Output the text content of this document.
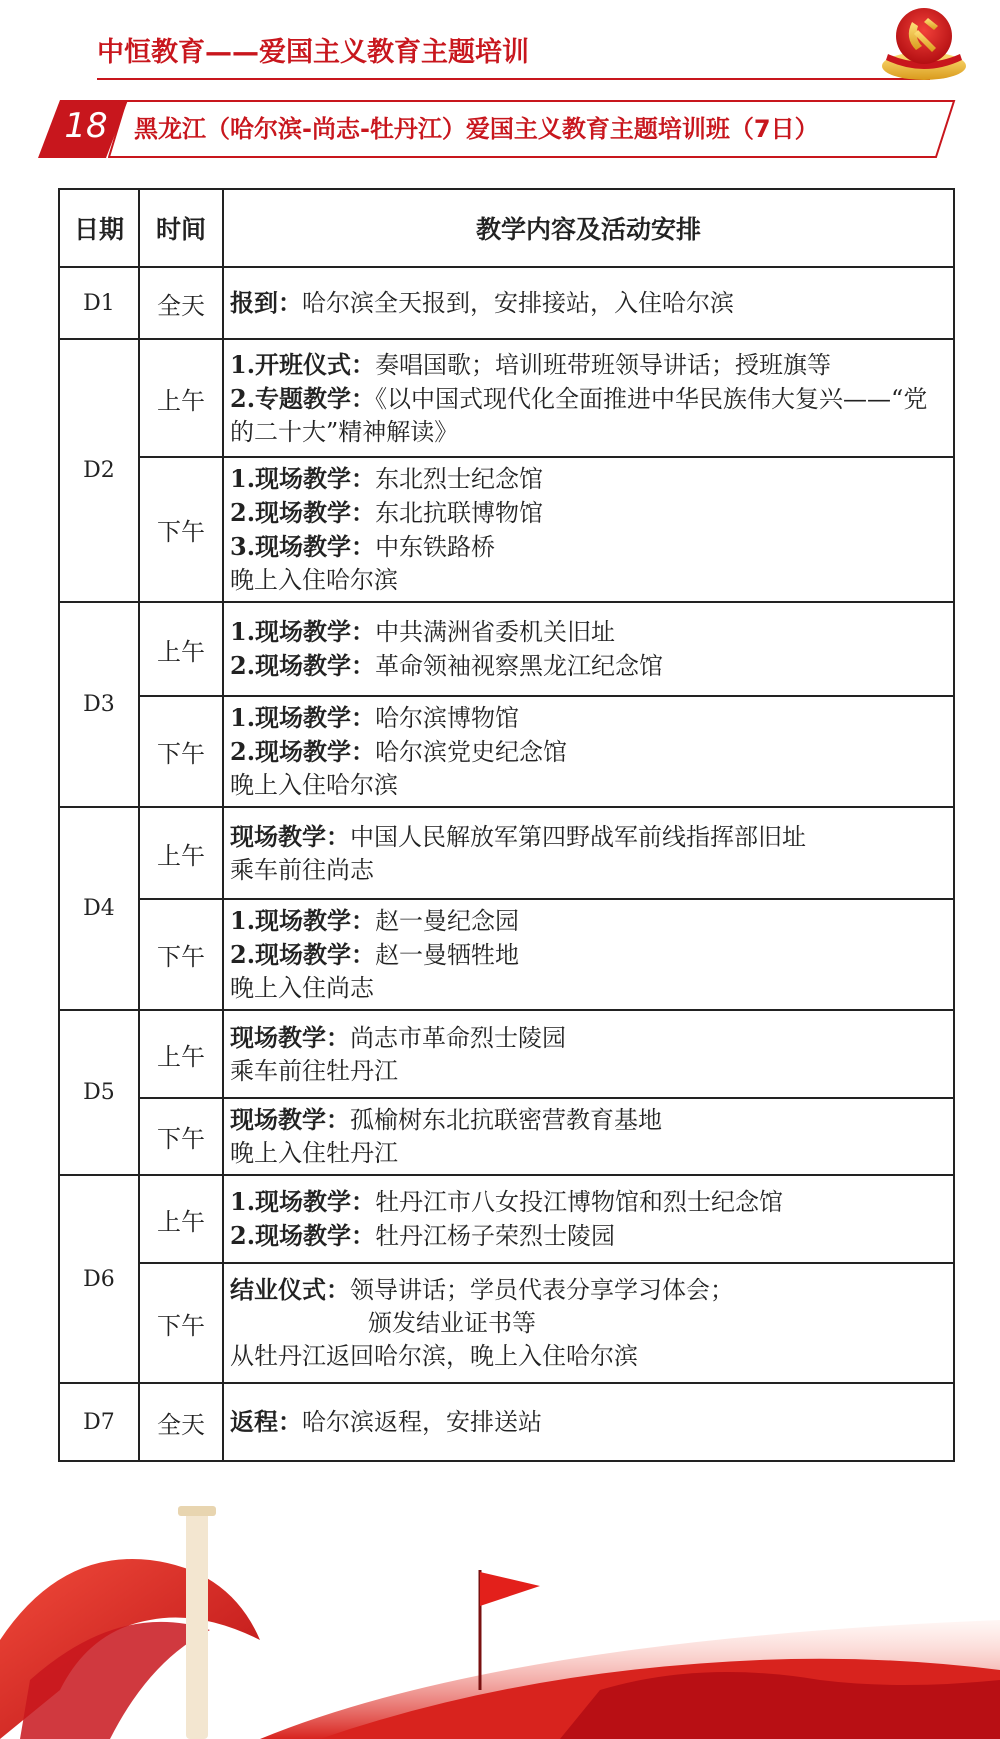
中恒教育——爱国主义教育主题培训
18	黑龙江（哈尔滨-尚志-牡丹江）爱国主义教育主题培训班（7日）
日期	时间	教学内容及活动安排
D1	全天	报到：哈尔滨全天报到，安排接站，入住哈尔滨

D2	上午	1.开班仪式：奏唱国歌；培训班带班领导讲话；授班旗等
2.专题教学：《以中国式现代化全面推进中华民族伟大复兴——“党的二十大”精神解读》

	下午	1.现场教学：东北烈士纪念馆
2.现场教学：东北抗联博物馆
3.现场教学：中东铁路桥
晚上入住哈尔滨

D3	上午	1.现场教学：中共满洲省委机关旧址
2.现场教学：革命领袖视察黑龙江纪念馆

	下午	1.现场教学：哈尔滨博物馆
2.现场教学：哈尔滨党史纪念馆
晚上入住哈尔滨

D4	上午	现场教学：中国人民解放军第四野战军前线指挥部旧址
乘车前往尚志

	下午	1.现场教学：赵一曼纪念园
2.现场教学：赵一曼牺牲地
晚上入住尚志

D5	上午	现场教学：尚志市革命烈士陵园
乘车前往牡丹江

	下午	现场教学：孤榆树东北抗联密营教育基地
晚上入住牡丹江

D6	上午	1.现场教学：牡丹江市八女投江博物馆和烈士纪念馆
2.现场教学：牡丹江杨子荣烈士陵园

	下午	结业仪式：领导讲话；学员代表分享学习体会；
颁发结业证书等
从牡丹江返回哈尔滨，晚上入住哈尔滨

D7	全天	返程：哈尔滨返程，安排送站
